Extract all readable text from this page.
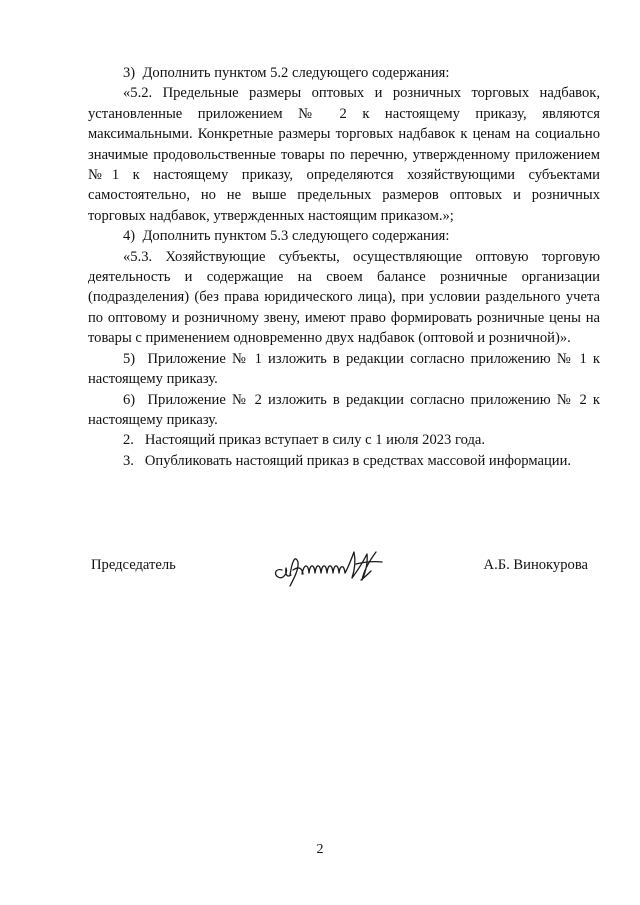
3)  Дополнить пунктом 5.2 следующего содержания:

«5.2. Предельные размеры оптовых и розничных торговых надбавок, установленные приложением № 2 к настоящему приказу, являются максимальными. Конкретные размеры торговых надбавок к ценам на социально значимые продовольственные товары по перечню, утвержденному приложением №1 к настоящему приказу, определяются хозяйствующими субъектами самостоятельно, но не выше предельных размеров оптовых и розничных торговых надбавок, утвержденных настоящим приказом.»;

4)  Дополнить пунктом 5.3 следующего содержания:

«5.3. Хозяйствующие субъекты, осуществляющие оптовую торговую деятельность и содержащие на своем балансе розничные организации (подразделения) (без права юридического лица), при условии раздельного учета по оптовому и розничному звену, имеют право формировать розничные цены на товары с применением одновременно двух надбавок (оптовой и розничной)».

5)  Приложение № 1 изложить в редакции согласно приложению № 1 к настоящему приказу.

6)  Приложение № 2 изложить в редакции согласно приложению № 2 к настоящему приказу.

2.   Настоящий приказ вступает в силу с 1 июля 2023 года.

3.   Опубликовать настоящий приказ в средствах массовой информации.

Председатель	А.Б. Винокурова
2
